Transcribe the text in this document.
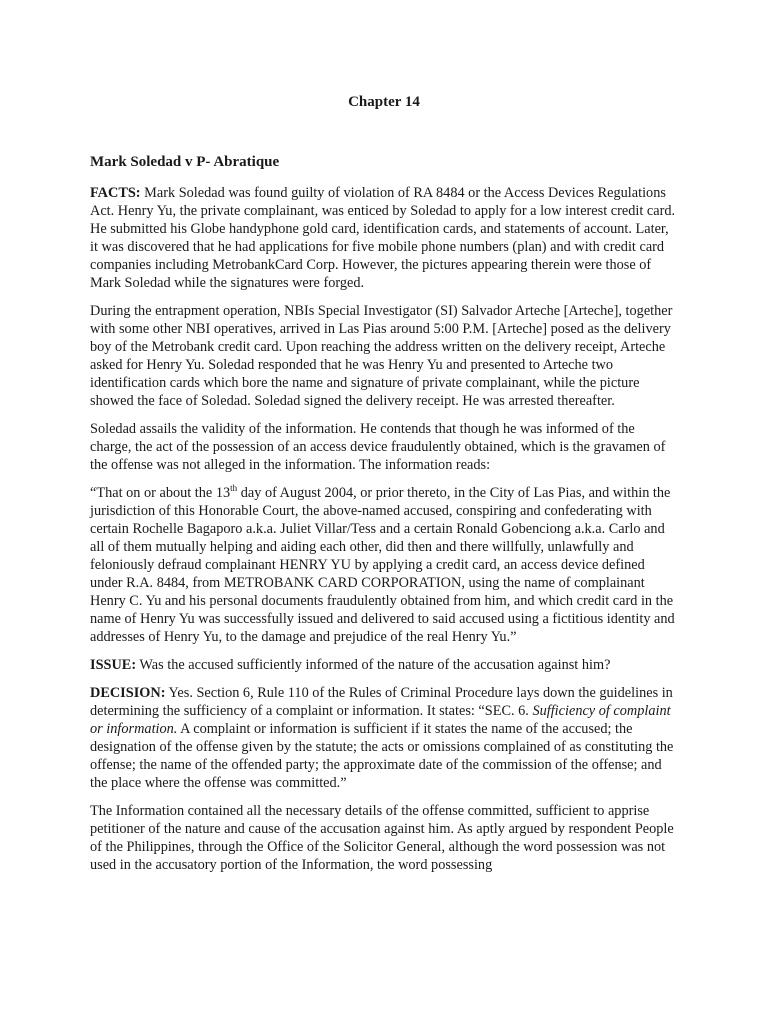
Chapter 14
Mark Soledad v P- Abratique

FACTS: Mark Soledad was found guilty of violation of RA 8484 or the Access Devices Regulations Act. Henry Yu, the private complainant, was enticed by Soledad to apply for a low interest credit card. He submitted his Globe handyphone gold card, identification cards, and statements of account. Later, it was discovered that he had applications for five mobile phone numbers (plan) and with credit card companies including MetrobankCard Corp. However, the pictures appearing therein were those of Mark Soledad while the signatures were forged.

During the entrapment operation, NBIs Special Investigator (SI) Salvador Arteche [Arteche], together with some other NBI operatives, arrived in Las Pias around 5:00 P.M. [Arteche] posed as the delivery boy of the Metrobank credit card. Upon reaching the address written on the delivery receipt, Arteche asked for Henry Yu. Soledad responded that he was Henry Yu and presented to Arteche two identification cards which bore the name and signature of private complainant, while the picture showed the face of Soledad. Soledad signed the delivery receipt. He was arrested thereafter.

Soledad assails the validity of the information. He contends that though he was informed of the charge, the act of the possession of an access device fraudulently obtained, which is the gravamen of the offense was not alleged in the information. The information reads:

“That on or about the 13th day of August 2004, or prior thereto, in the City of Las Pias, and within the jurisdiction of this Honorable Court, the above-named accused, conspiring and confederating with certain Rochelle Bagaporo a.k.a. Juliet Villar/Tess and a certain Ronald Gobenciong a.k.a. Carlo and all of them mutually helping and aiding each other, did then and there willfully, unlawfully and feloniously defraud complainant HENRY YU by applying a credit card, an access device defined under R.A. 8484, from METROBANK CARD CORPORATION, using the name of complainant Henry C. Yu and his personal documents fraudulently obtained from him, and which credit card in the name of Henry Yu was successfully issued and delivered to said accused using a fictitious identity and addresses of Henry Yu, to the damage and prejudice of the real Henry Yu.”

ISSUE: Was the accused sufficiently informed of the nature of the accusation against him?

DECISION: Yes. Section 6, Rule 110 of the Rules of Criminal Procedure lays down the guidelines in determining the sufficiency of a complaint or information. It states: “SEC. 6. Sufficiency of complaint or information. A complaint or information is sufficient if it states the name of the accused; the designation of the offense given by the statute; the acts or omissions complained of as constituting the offense; the name of the offended party; the approximate date of the commission of the offense; and the place where the offense was committed.”

The Information contained all the necessary details of the offense committed, sufficient to apprise petitioner of the nature and cause of the accusation against him. As aptly argued by respondent People of the Philippines, through the Office of the Solicitor General, although the word possession was not used in the accusatory portion of the Information, the word possessing
